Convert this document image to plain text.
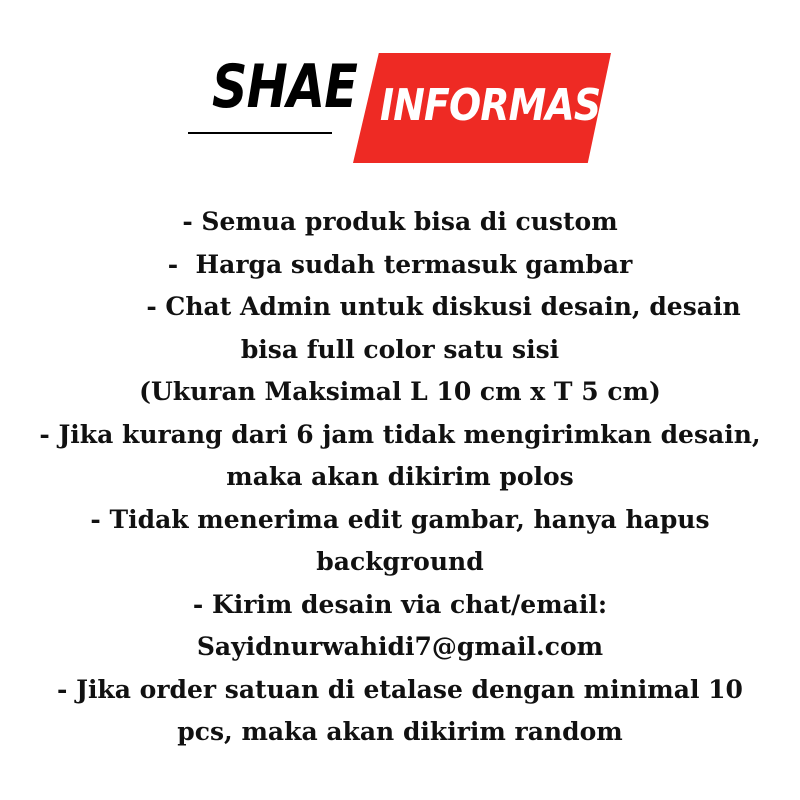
SHAE INFORMASI
- Semua produk bisa di custom
-  Harga sudah termasuk gambar
- Chat Admin untuk diskusi desain, desain
bisa full color satu sisi
(Ukuran Maksimal L 10 cm x T 5 cm)
- Jika kurang dari 6 jam tidak mengirimkan desain,
maka akan dikirim polos
- Tidak menerima edit gambar, hanya hapus
background
- Kirim desain via chat/email:
Sayidnurwahidi7@gmail.com
- Jika order satuan di etalase dengan minimal 10
pcs, maka akan dikirim random
